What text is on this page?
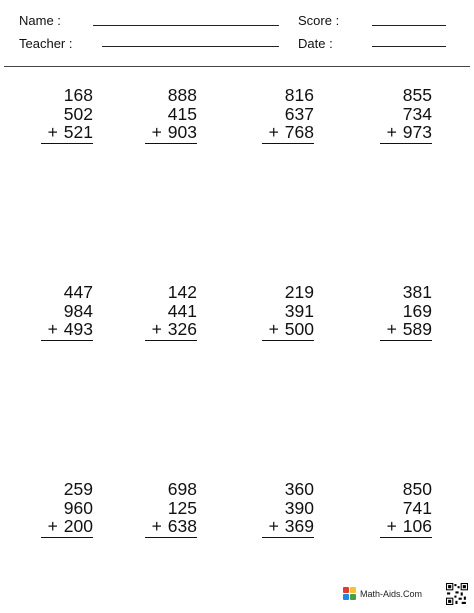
Name :	Score :
Teacher :	Date :
168
502
+ 521
888
415
+ 903
816
637
+ 768
855
734
+ 973
447
984
+ 493
142
441
+ 326
219
391
+ 500
381
169
+ 589
259
960
+ 200
698
125
+ 638
360
390
+ 369
850
741
+ 106
Math-Aids.Com
